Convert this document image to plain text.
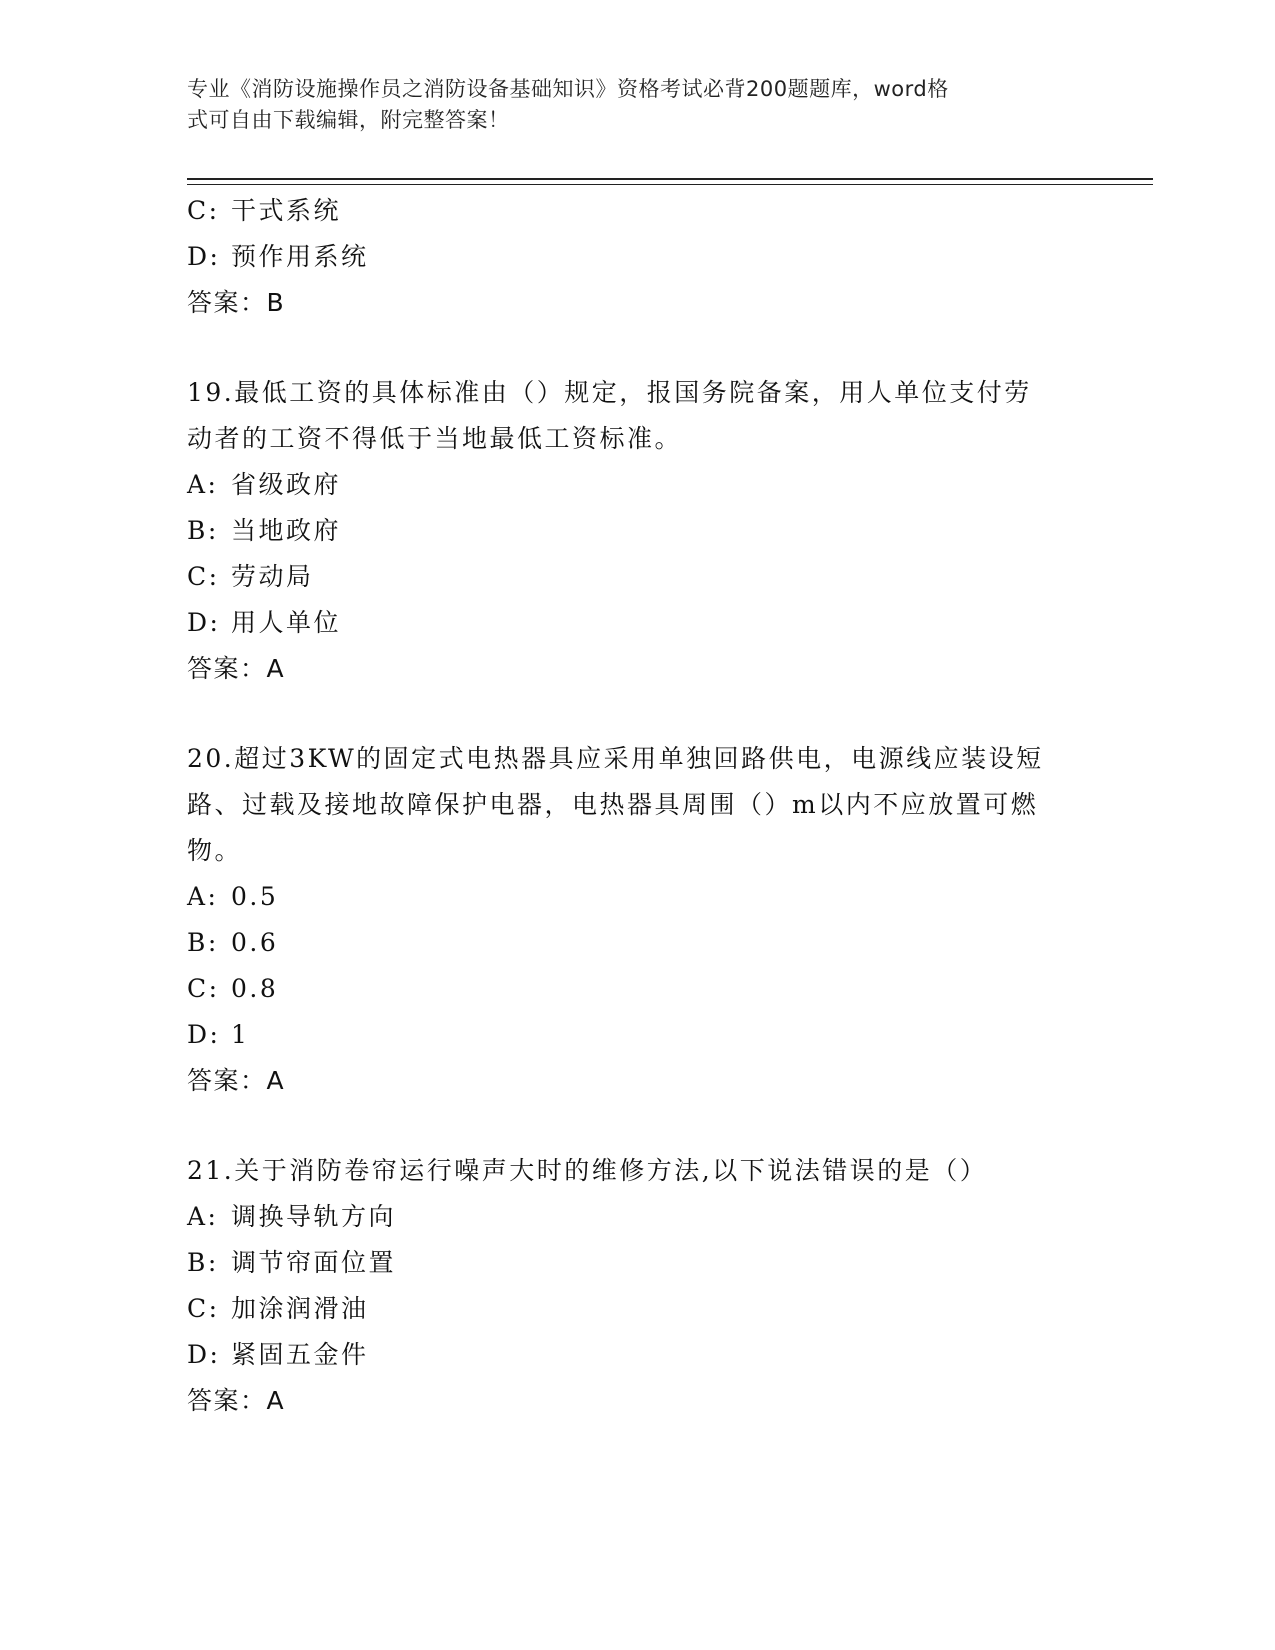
专业《消防设施操作员之消防设备基础知识》资格考试必背200题题库，word格
式可自由下载编辑，附完整答案！
C: 干式系统
D: 预作用系统
答案：B
19.最低工资的具体标准由（）规定，报国务院备案，用人单位支付劳
动者的工资不得低于当地最低工资标准。
A: 省级政府
B: 当地政府
C: 劳动局
D: 用人单位
答案：A
20.超过3KW的固定式电热器具应采用单独回路供电，电源线应装设短
路、过载及接地故障保护电器，电热器具周围（）m以内不应放置可燃
物。
A: 0.5
B: 0.6
C: 0.8
D: 1
答案：A
21.关于消防卷帘运行噪声大时的维修方法,以下说法错误的是（）
A: 调换导轨方向
B: 调节帘面位置
C: 加涂润滑油
D: 紧固五金件
答案：A
